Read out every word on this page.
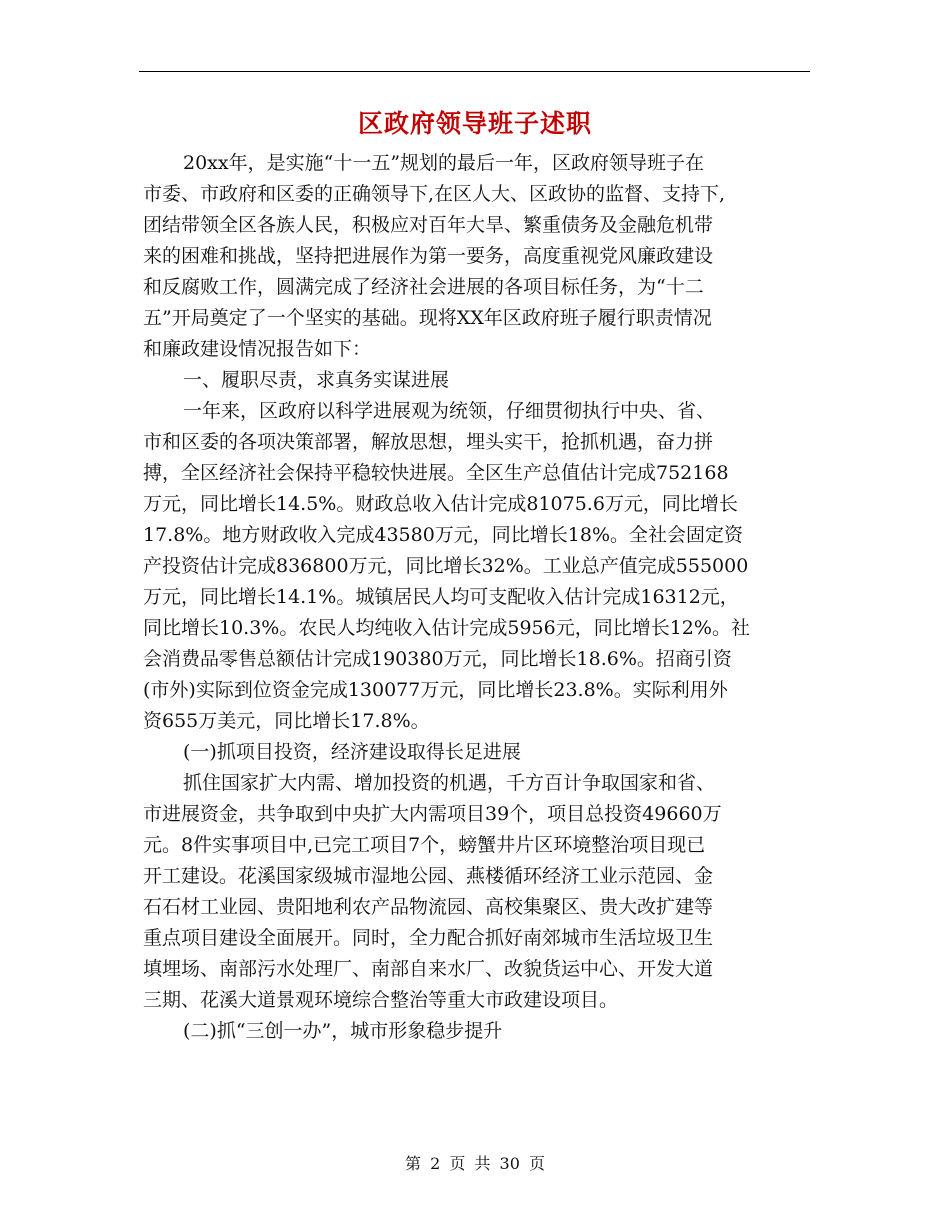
区政府领导班子述职
20xx年，是实施“十一五”规划的最后一年，区政府领导班子在
市委、市政府和区委的正确领导下,在区人大、区政协的监督、支持下,
团结带领全区各族人民，积极应对百年大旱、繁重债务及金融危机带
来的困难和挑战，坚持把进展作为第一要务，高度重视党风廉政建设
和反腐败工作，圆满完成了经济社会进展的各项目标任务，为“十二
五”开局奠定了一个坚实的基础。现将XX年区政府班子履行职责情况
和廉政建设情况报告如下：
一、履职尽责，求真务实谋进展
一年来，区政府以科学进展观为统领，仔细贯彻执行中央、省、
市和区委的各项决策部署，解放思想，埋头实干，抢抓机遇，奋力拼
搏，全区经济社会保持平稳较快进展。全区生产总值估计完成752168
万元，同比增长14.5%。财政总收入估计完成81075.6万元，同比增长
17.8%。地方财政收入完成43580万元，同比增长18%。全社会固定资
产投资估计完成836800万元，同比增长32%。工业总产值完成555000
万元，同比增长14.1%。城镇居民人均可支配收入估计完成16312元，
同比增长10.3%。农民人均纯收入估计完成5956元，同比增长12%。社
会消费品零售总额估计完成190380万元，同比增长18.6%。招商引资
(市外)实际到位资金完成130077万元，同比增长23.8%。实际利用外
资655万美元，同比增长17.8%。
(一)抓项目投资，经济建设取得长足进展
抓住国家扩大内需、增加投资的机遇，千方百计争取国家和省、
市进展资金，共争取到中央扩大内需项目39个，项目总投资49660万
元。8件实事项目中,已完工项目7个，螃蟹井片区环境整治项目现已
开工建设。花溪国家级城市湿地公园、燕楼循环经济工业示范园、金
石石材工业园、贵阳地利农产品物流园、高校集聚区、贵大改扩建等
重点项目建设全面展开。同时，全力配合抓好南郊城市生活垃圾卫生
填埋场、南部污水处理厂、南部自来水厂、改貌货运中心、开发大道
三期、花溪大道景观环境综合整治等重大市政建设项目。
(二)抓“三创一办”，城市形象稳步提升
第 2 页 共 30 页
